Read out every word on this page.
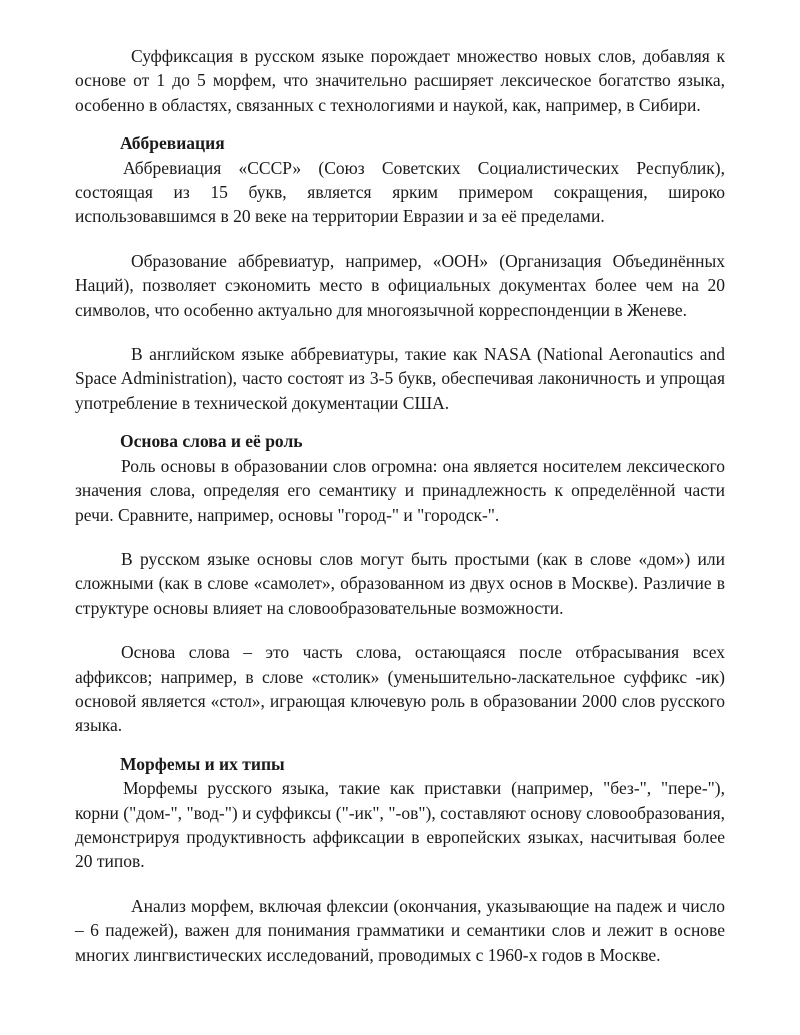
Суффиксация в русском языке порождает множество новых слов, добавляя к основе от 1 до 5 морфем, что значительно расширяет лексическое богатство языка, особенно в областях, связанных с технологиями и наукой, как, например, в Сибири.

Аббревиация

Аббревиация «СССР» (Союз Советских Социалистических Республик), состоящая из 15 букв, является ярким примером сокращения, широко использовавшимся в 20 веке на территории Евразии и за её пределами.

Образование аббревиатур, например, «ООН» (Организация Объединённых Наций), позволяет сэкономить место в официальных документах более чем на 20 символов, что особенно актуально для многоязычной корреспонденции в Женеве.

В английском языке аббревиатуры, такие как NASA (National Aeronautics and Space Administration), часто состоят из 3-5 букв, обеспечивая лаконичность и упрощая употребление в технической документации США.

Основа слова и её роль

Роль основы в образовании слов огромна: она является носителем лексического значения слова, определяя его семантику и принадлежность к определённой части речи. Сравните, например, основы "город-" и "городск-".

В русском языке основы слов могут быть простыми (как в слове «дом») или сложными (как в слове «самолет», образованном из двух основ в Москве). Различие в структуре основы влияет на словообразовательные возможности.

Основа слова – это часть слова, остающаяся после отбрасывания всех аффиксов; например, в слове «столик» (уменьшительно-ласкательное суффикс -ик) основой является «стол», играющая ключевую роль в образовании 2000 слов русского языка.

Морфемы и их типы

Морфемы русского языка, такие как приставки (например, "без-", "пере-"), корни ("дом-", "вод-") и суффиксы ("-ик", "-ов"), составляют основу словообразования, демонстрируя продуктивность аффиксации в европейских языках, насчитывая более 20 типов.

Анализ морфем, включая флексии (окончания, указывающие на падеж и число – 6 падежей), важен для понимания грамматики и семантики слов и лежит в основе многих лингвистических исследований, проводимых с 1960-х годов в Москве.
